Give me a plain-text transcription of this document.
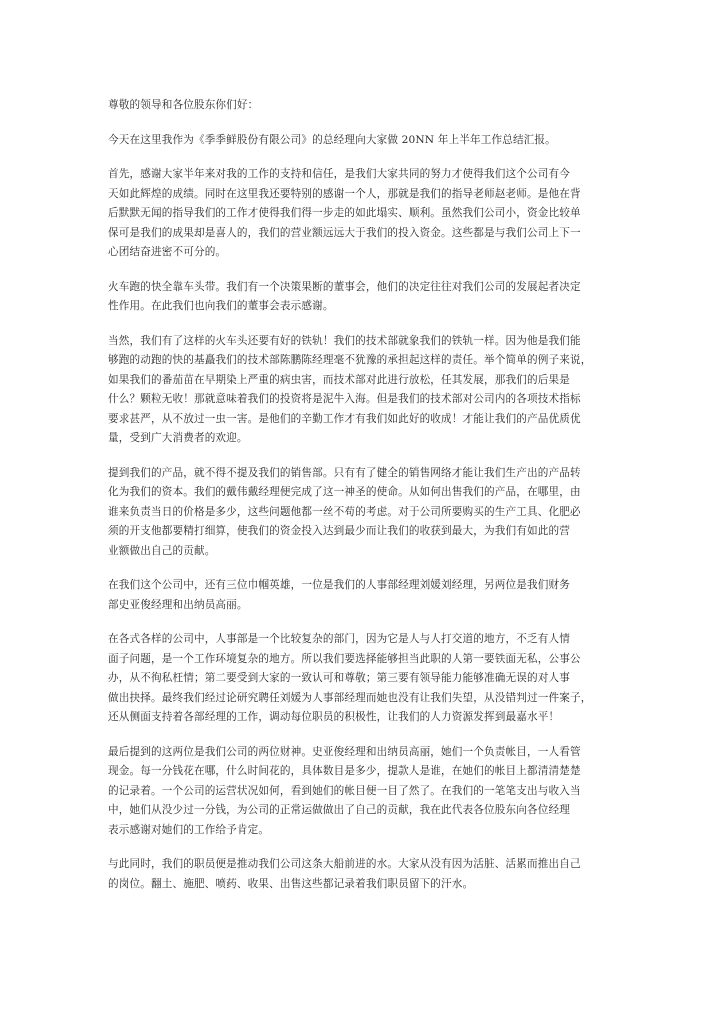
尊敬的领导和各位股东你们好：
今天在这里我作为《季季鲜股份有限公司》的总经理向大家做 20NN 年上半年工作总结汇报。
首先，感谢大家半年来对我的工作的支持和信任，是我们大家共同的努力才使得我们这个公司有今
天如此辉煌的成绩。同时在这里我还要特别的感谢一个人，那就是我们的指导老师赵老师。是他在背
后默默无闻的指导我们的工作才使得我们得一步走的如此塌实、顺利。虽然我们公司小，资金比较单
保可是我们的成果却是喜人的，我们的营业额远远大于我们的投入资金。这些都是与我们公司上下一
心团结奋进密不可分的。
火车跑的快全靠车头带。我们有一个决策果断的董事会，他们的决定往往对我们公司的发展起者决定
性作用。在此我们也向我们的董事会表示感谢。
当然，我们有了这样的火车头还要有好的铁轨！我们的技术部就象我们的铁轨一样。因为他是我们能
够跑的动跑的快的基矗我们的技术部陈鹏陈经理毫不犹豫的承担起这样的责任。举个简单的例子来说，
如果我们的番茄苗在早期染上严重的病虫害，而技术部对此进行放松，任其发展，那我们的后果是
什么？颗粒无收！那就意味着我们的投资将是泥牛入海。但是我们的技术部对公司内的各项技术指标
要求甚严，从不放过一虫一害。是他们的辛勤工作才有我们如此好的收成！才能让我们的产品优质优
量，受到广大消费者的欢迎。
提到我们的产品，就不得不提及我们的销售部。只有有了健全的销售网络才能让我们生产出的产品转
化为我们的资本。我们的戴伟戴经理便完成了这一神圣的使命。从如何出售我们的产品，在哪里，由
谁来负责当日的价格是多少，这些问题他都一丝不苟的考虑。对于公司所要购买的生产工具、化肥必
须的开支他都要精打细算，使我们的资金投入达到最少而让我们的收获到最大，为我们有如此的营
业额做出自己的贡献。
在我们这个公司中，还有三位巾帼英雄，一位是我们的人事部经理刘媛刘经理，另两位是我们财务
部史亚俊经理和出纳员高丽。
在各式各样的公司中，人事部是一个比较复杂的部门，因为它是人与人打交道的地方，不乏有人情
面子问题，是一个工作环境复杂的地方。所以我们要选择能够担当此职的人第一要铁面无私，公事公
办，从不徇私枉情；第二要受到大家的一致认可和尊敬；第三要有领导能力能够准确无误的对人事
做出抉择。最终我们经过论研究聘任刘媛为人事部经理而她也没有让我们失望，从没错判过一件案子，
还从侧面支持着各部经理的工作，调动每位职员的积极性，让我们的人力资源发挥到最嘉水平！
最后提到的这两位是我们公司的两位财神。史亚俊经理和出纳员高丽，她们一个负责帐目，一人看管
现金。每一分钱花在哪，什么时间花的，具体数目是多少，提款人是谁，在她们的帐目上都清清楚楚
的记录着。一个公司的运营状况如何，看到她们的帐目便一目了然了。在我们的一笔笔支出与收入当
中，她们从没少过一分钱，为公司的正常运做做出了自己的贡献，我在此代表各位股东向各位经理
表示感谢对她们的工作给予肯定。
与此同时，我们的职员便是推动我们公司这条大船前进的水。大家从没有因为活脏、活累而推出自己
的岗位。翻土、施肥、喷药、收果、出售这些都记录着我们职员留下的汗水。
